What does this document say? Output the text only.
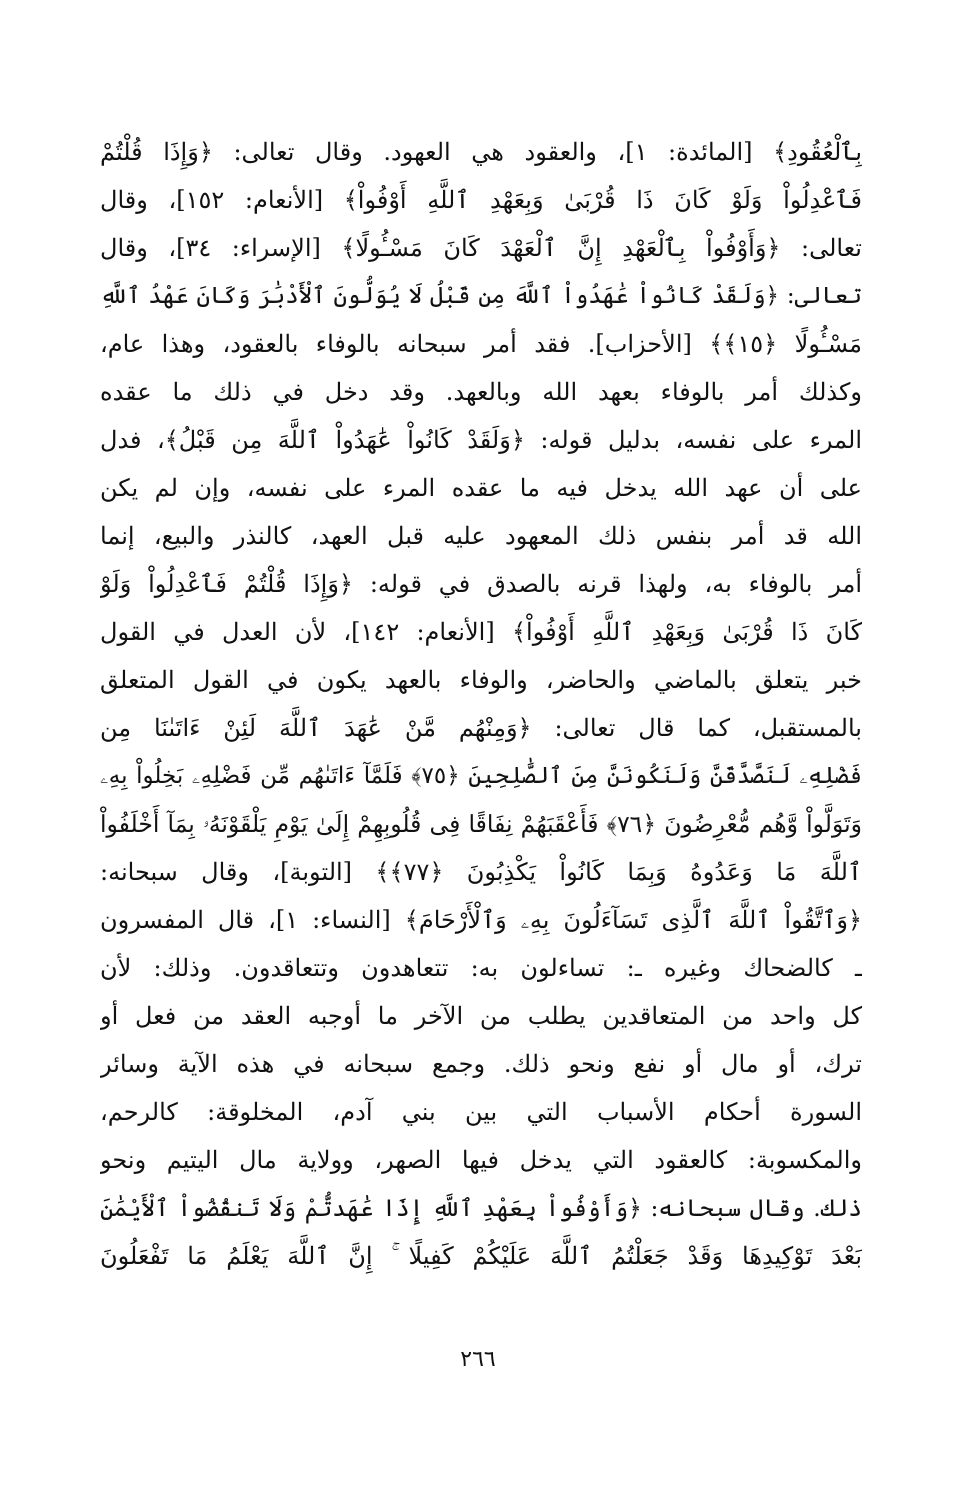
بِٱلْعُقُودِ﴾ [المائدة: ١]، والعقود هي العهود. وقال تعالى: ﴿وَإِذَا قُلْتُمْ
فَٱعْدِلُواْ وَلَوْ كَانَ ذَا قُرْبَىٰ وَبِعَهْدِ ٱللَّهِ أَوْفُواْ﴾ [الأنعام: ١٥٢]، وقال
تعالى: ﴿وَأَوْفُواْ بِٱلْعَهْدِ إِنَّ ٱلْعَهْدَ كَانَ مَسْـُٔولًا﴾ [الإسراء: ٣٤]، وقال
تعالى: ﴿وَلَقَدْ كَانُواْ عَٰهَدُواْ ٱللَّهَ مِن قَبْلُ لَا يُوَلُّونَ ٱلْأَدْبَٰرَ وَكَانَ عَهْدُ ٱللَّهِ
مَسْـُٔولًا ﴿١٥﴾﴾ [الأحزاب]. فقد أمر سبحانه بالوفاء بالعقود، وهذا عام،
وكذلك أمر بالوفاء بعهد الله وبالعهد. وقد دخل في ذلك ما عقده
المرء على نفسه، بدليل قوله: ﴿وَلَقَدْ كَانُواْ عَٰهَدُواْ ٱللَّهَ مِن قَبْلُ﴾، فدل
على أن عهد الله يدخل فيه ما عقده المرء على نفسه، وإن لم يكن
الله قد أمر بنفس ذلك المعهود عليه قبل العهد، كالنذر والبيع، إنما
أمر بالوفاء به، ولهذا قرنه بالصدق في قوله: ﴿وَإِذَا قُلْتُمْ فَٱعْدِلُواْ وَلَوْ
كَانَ ذَا قُرْبَىٰ وَبِعَهْدِ ٱللَّهِ أَوْفُواْ﴾ [الأنعام: ١٤٢]، لأن العدل في القول
خبر يتعلق بالماضي والحاضر، والوفاء بالعهد يكون في القول المتعلق
بالمستقبل، كما قال تعالى: ﴿وَمِنْهُم مَّنْ عَٰهَدَ ٱللَّهَ لَئِنْ ءَاتَىٰنَا مِن
فَضْلِهِۦ لَنَصَّدَّقَنَّ وَلَنَكُونَنَّ مِنَ ٱلصَّٰلِحِينَ ﴿٧٥﴾ فَلَمَّآ ءَاتَىٰهُم مِّن فَضْلِهِۦ بَخِلُواْ بِهِۦ
وَتَوَلَّواْ وَّهُم مُّعْرِضُونَ ﴿٧٦﴾ فَأَعْقَبَهُمْ نِفَاقًا فِى قُلُوبِهِمْ إِلَىٰ يَوْمِ يَلْقَوْنَهُۥ بِمَآ أَخْلَفُواْ
ٱللَّهَ مَا وَعَدُوهُ وَبِمَا كَانُواْ يَكْذِبُونَ ﴿٧٧﴾﴾ [التوبة]، وقال سبحانه:
﴿وَٱتَّقُواْ ٱللَّهَ ٱلَّذِى تَسَآءَلُونَ بِهِۦ وَٱلْأَرْحَامَ﴾ [النساء: ١]، قال المفسرون
ـ كالضحاك وغيره ـ: تساءلون به: تتعاهدون وتتعاقدون. وذلك: لأن
كل واحد من المتعاقدين يطلب من الآخر ما أوجبه العقد من فعل أو
ترك، أو مال أو نفع ونحو ذلك. وجمع سبحانه في هذه الآية وسائر
السورة أحكام الأسباب التي بين بني آدم، المخلوقة: كالرحم،
والمكسوبة: كالعقود التي يدخل فيها الصهر، وولاية مال اليتيم ونحو
ذلك. وقال سبحانه: ﴿وَأَوْفُواْ بِعَهْدِ ٱللَّهِ إِذَا عَٰهَدتُّمْ وَلَا تَنقُضُواْ ٱلْأَيْمَٰنَ
بَعْدَ تَوْكِيدِهَا وَقَدْ جَعَلْتُمُ ٱللَّهَ عَلَيْكُمْ كَفِيلًا ۚ إِنَّ ٱللَّهَ يَعْلَمُ مَا تَفْعَلُونَ
٢٦٦
